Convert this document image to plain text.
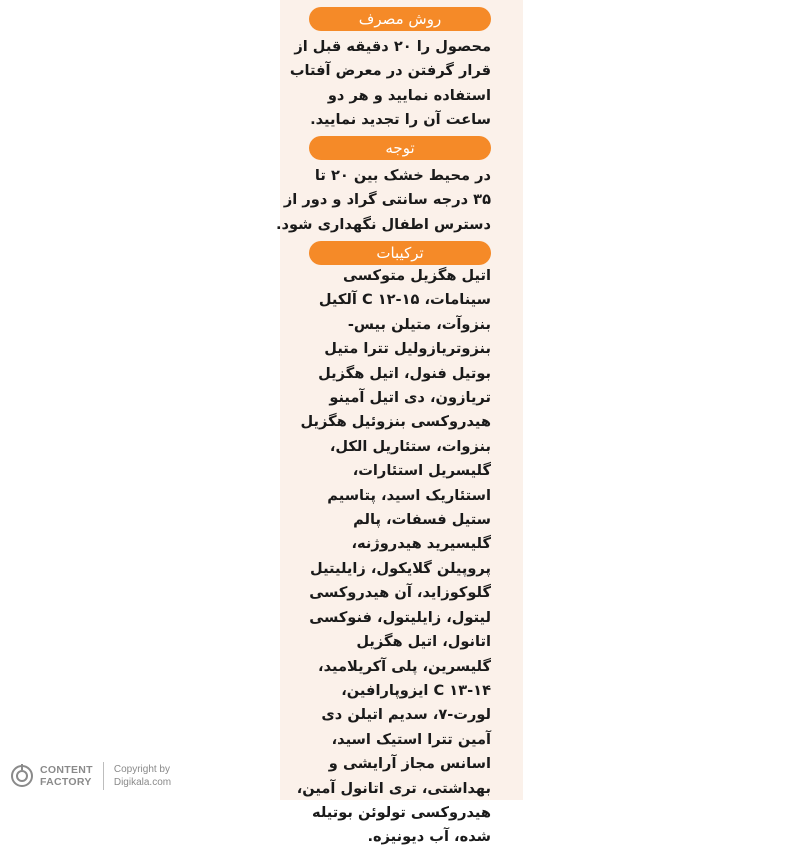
روش مصرف
محصول را ۲۰ دقیقه قبل از
قرار گرفتن در معرض آفتاب
استفاده نمایید و هر دو
ساعت آن را تجدید نمایید.
توجه
در محیط خشک بین ۲۰ تا
۳۵ درجه سانتی گراد و دور از
دسترس اطفال نگهداری شود.
ترکیبات
اتیل هگزیل متوکسی
سینامات، C ۱۲-۱۵ آلکیل
بنزوآت، متیلن بیس-
بنزوتریازولیل تترا متیل
بوتیل فنول، اتیل هگزیل
تریازون، دی اتیل آمینو
هیدروکسی بنزوئیل هگزیل
بنزوات، ستئاریل الکل،
گلیسریل استئارات،
استئاریک اسید، پتاسیم
ستیل فسفات، پالم
گلیسیرید هیدروژنه،
پروپیلن گلایکول، زایلیتیل
گلوکوزاید، آن هیدروکسی
لیتول، زایلیتول، فنوکسی
اتانول، اتیل هگزیل
گلیسرین، پلی آکریلامید،
C ۱۳-۱۴ ایزوپارافین،
لورت-۷، سدیم اتیلن دی
آمین تترا استیک اسید،
اسانس مجاز آرایشی و
بهداشتی، تری اتانول آمین،
هیدروکسی تولوئن بوتیله
شده، آب دیونیزه.
CONTENT
FACTORY
Copyright by
Digikala.com
